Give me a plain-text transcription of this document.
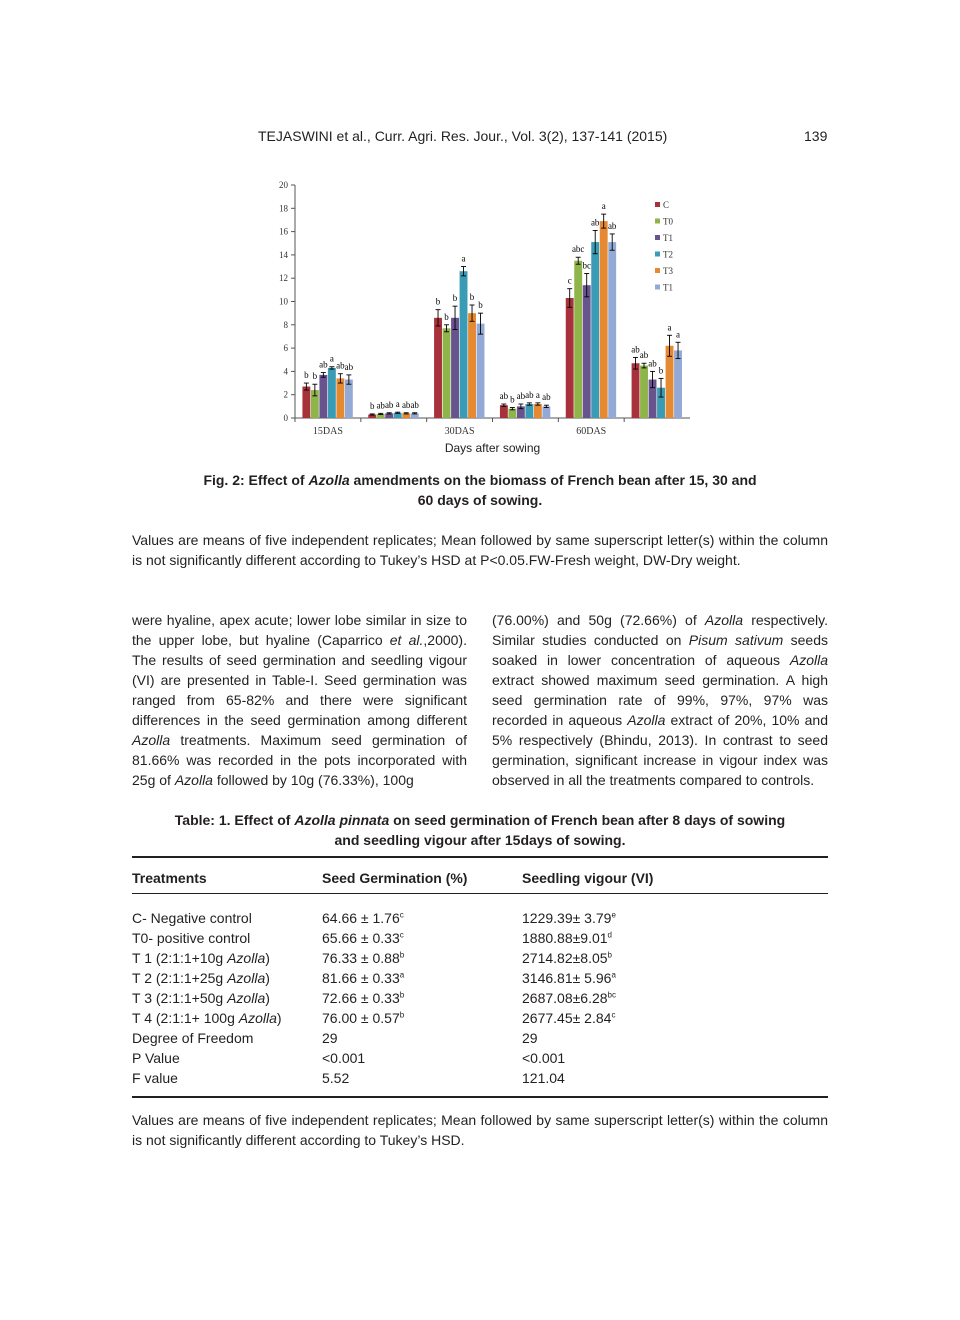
TEJASWINI et al., Curr. Agri. Res. Jour., Vol. 3(2), 137-141 (2015)	139
0
2
4
6
8
10
12
14
16
18
20
b b
ab
a
ab ab
15DAS
b ab ab a ab ab
b
b
b
a
b
b
30DAS
ab b ab ab a ab
c
abc
bc
ab
a
ab
60DAS
ab
ab
ab
b
a
a
Days after sowing
C
T0
T1
T2
T3
T1
Fig. 2: Effect of Azolla amendments on the biomass of French bean after 15, 30 and 60 days of sowing.
Values are means of five independent replicates; Mean followed by same superscript letter(s) within the column is not significantly different according to Tukey’s HSD at P<0.05.FW-Fresh weight, DW-Dry weight.
were hyaline, apex acute; lower lobe similar in size to the upper lobe, but hyaline (Caparrico et al.,2000). The results of seed germination and seedling vigour (VI) are presented in Table-I. Seed germination was ranged from 65-82% and there were significant differences in the seed germination among different Azolla treatments. Maximum seed germination of 81.66% was recorded in the pots incorporated with 25g of Azolla followed by 10g (76.33%), 100g
(76.00%) and 50g (72.66%) of Azolla respectively. Similar studies conducted on Pisum sativum seeds soaked in lower concentration of aqueous Azolla extract showed maximum seed germination. A high seed germination rate of 99%, 97%, 97% was recorded in aqueous Azolla extract of 20%, 10% and 5% respectively (Bhindu, 2013). In contrast to seed germination, significant increase in vigour index was observed in all the treatments compared to controls.
Table: 1. Effect of Azolla pinnata on seed germination of French bean after 8 days of sowing and seedling vigour after 15days of sowing.
Treatments	Seed Germination (%)	Seedling vigour (VI)
C- Negative control	64.66 ± 1.76$^c$	1229.39± 3.79$^e$
T0- positive control	65.66 ± 0.33$^c$	1880.88±9.01$^d$
T 1 (2:1:1+10g Azolla)	76.33 ± 0.88$^b$	2714.82±8.05$^b$
T 2 (2:1:1+25g Azolla)	81.66 ± 0.33$^a$	3146.81± 5.96$^a$
T 3 (2:1:1+50g Azolla)	72.66 ± 0.33$^b$	2687.08±6.28$^{bc}$
T 4 (2:1:1+ 100g Azolla)	76.00 ± 0.57$^b$	2677.45± 2.84$^c$
Degree of Freedom	29	29
P Value	<0.001	<0.001
F value	5.52	121.04
Values are means of five independent replicates; Mean followed by same superscript letter(s) within the column is not significantly different according to Tukey’s HSD.
